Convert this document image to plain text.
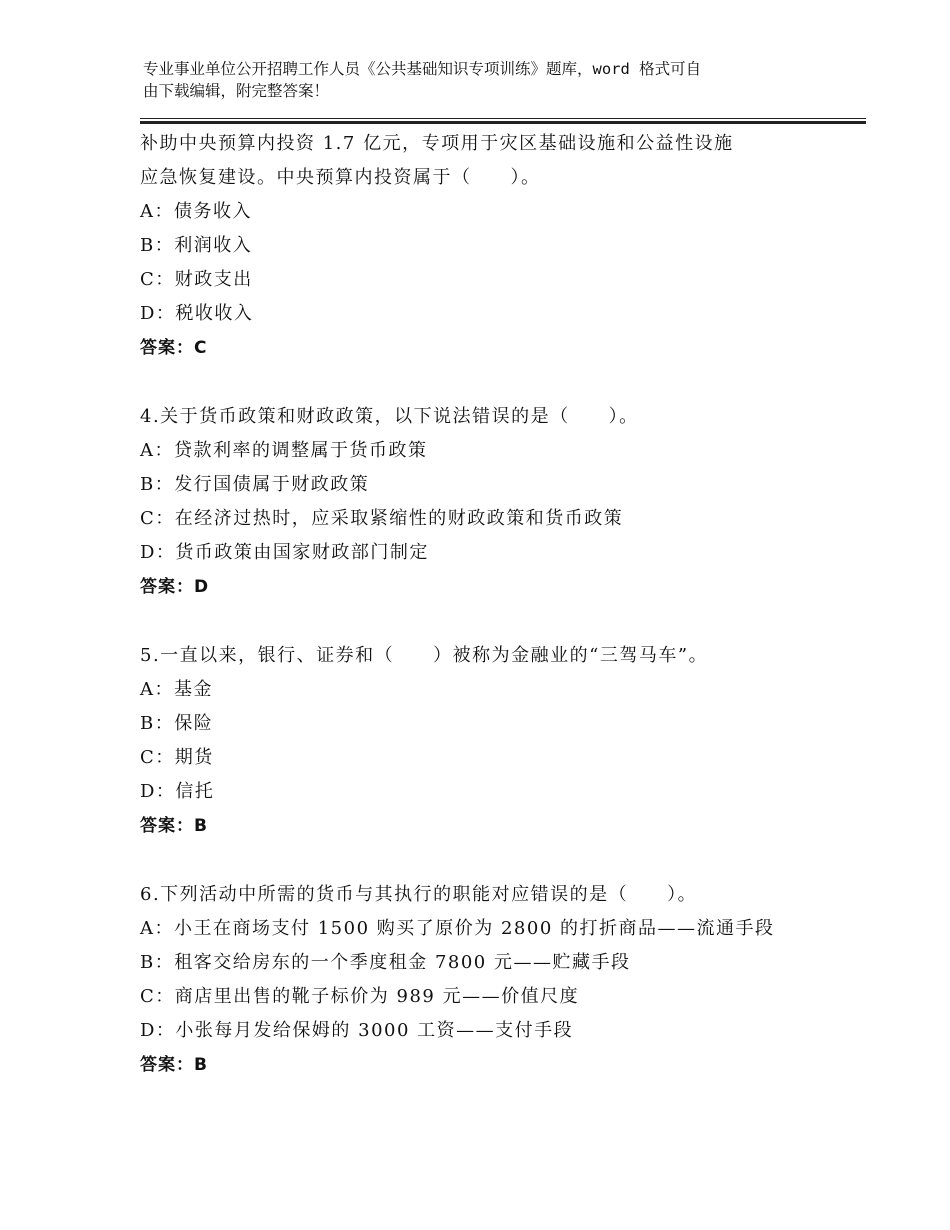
专业事业单位公开招聘工作人员《公共基础知识专项训练》题库，word 格式可自
由下载编辑，附完整答案！
补助中央预算内投资 1.7 亿元，专项用于灾区基础设施和公益性设施
应急恢复建设。中央预算内投资属于（　　）。
A：债务收入
B：利润收入
C：财政支出
D：税收收入
答案：C
4.关于货币政策和财政政策，以下说法错误的是（　　）。
A：贷款利率的调整属于货币政策
B：发行国债属于财政政策
C：在经济过热时，应采取紧缩性的财政政策和货币政策
D：货币政策由国家财政部门制定
答案：D
5.一直以来，银行、证券和（　　）被称为金融业的“三驾马车”。
A：基金
B：保险
C：期货
D：信托
答案：B
6.下列活动中所需的货币与其执行的职能对应错误的是（　　）。
A：小王在商场支付 1500 购买了原价为 2800 的打折商品——流通手段
B：租客交给房东的一个季度租金 7800 元——贮藏手段
C：商店里出售的靴子标价为 989 元——价值尺度
D：小张每月发给保姆的 3000 工资——支付手段
答案：B
